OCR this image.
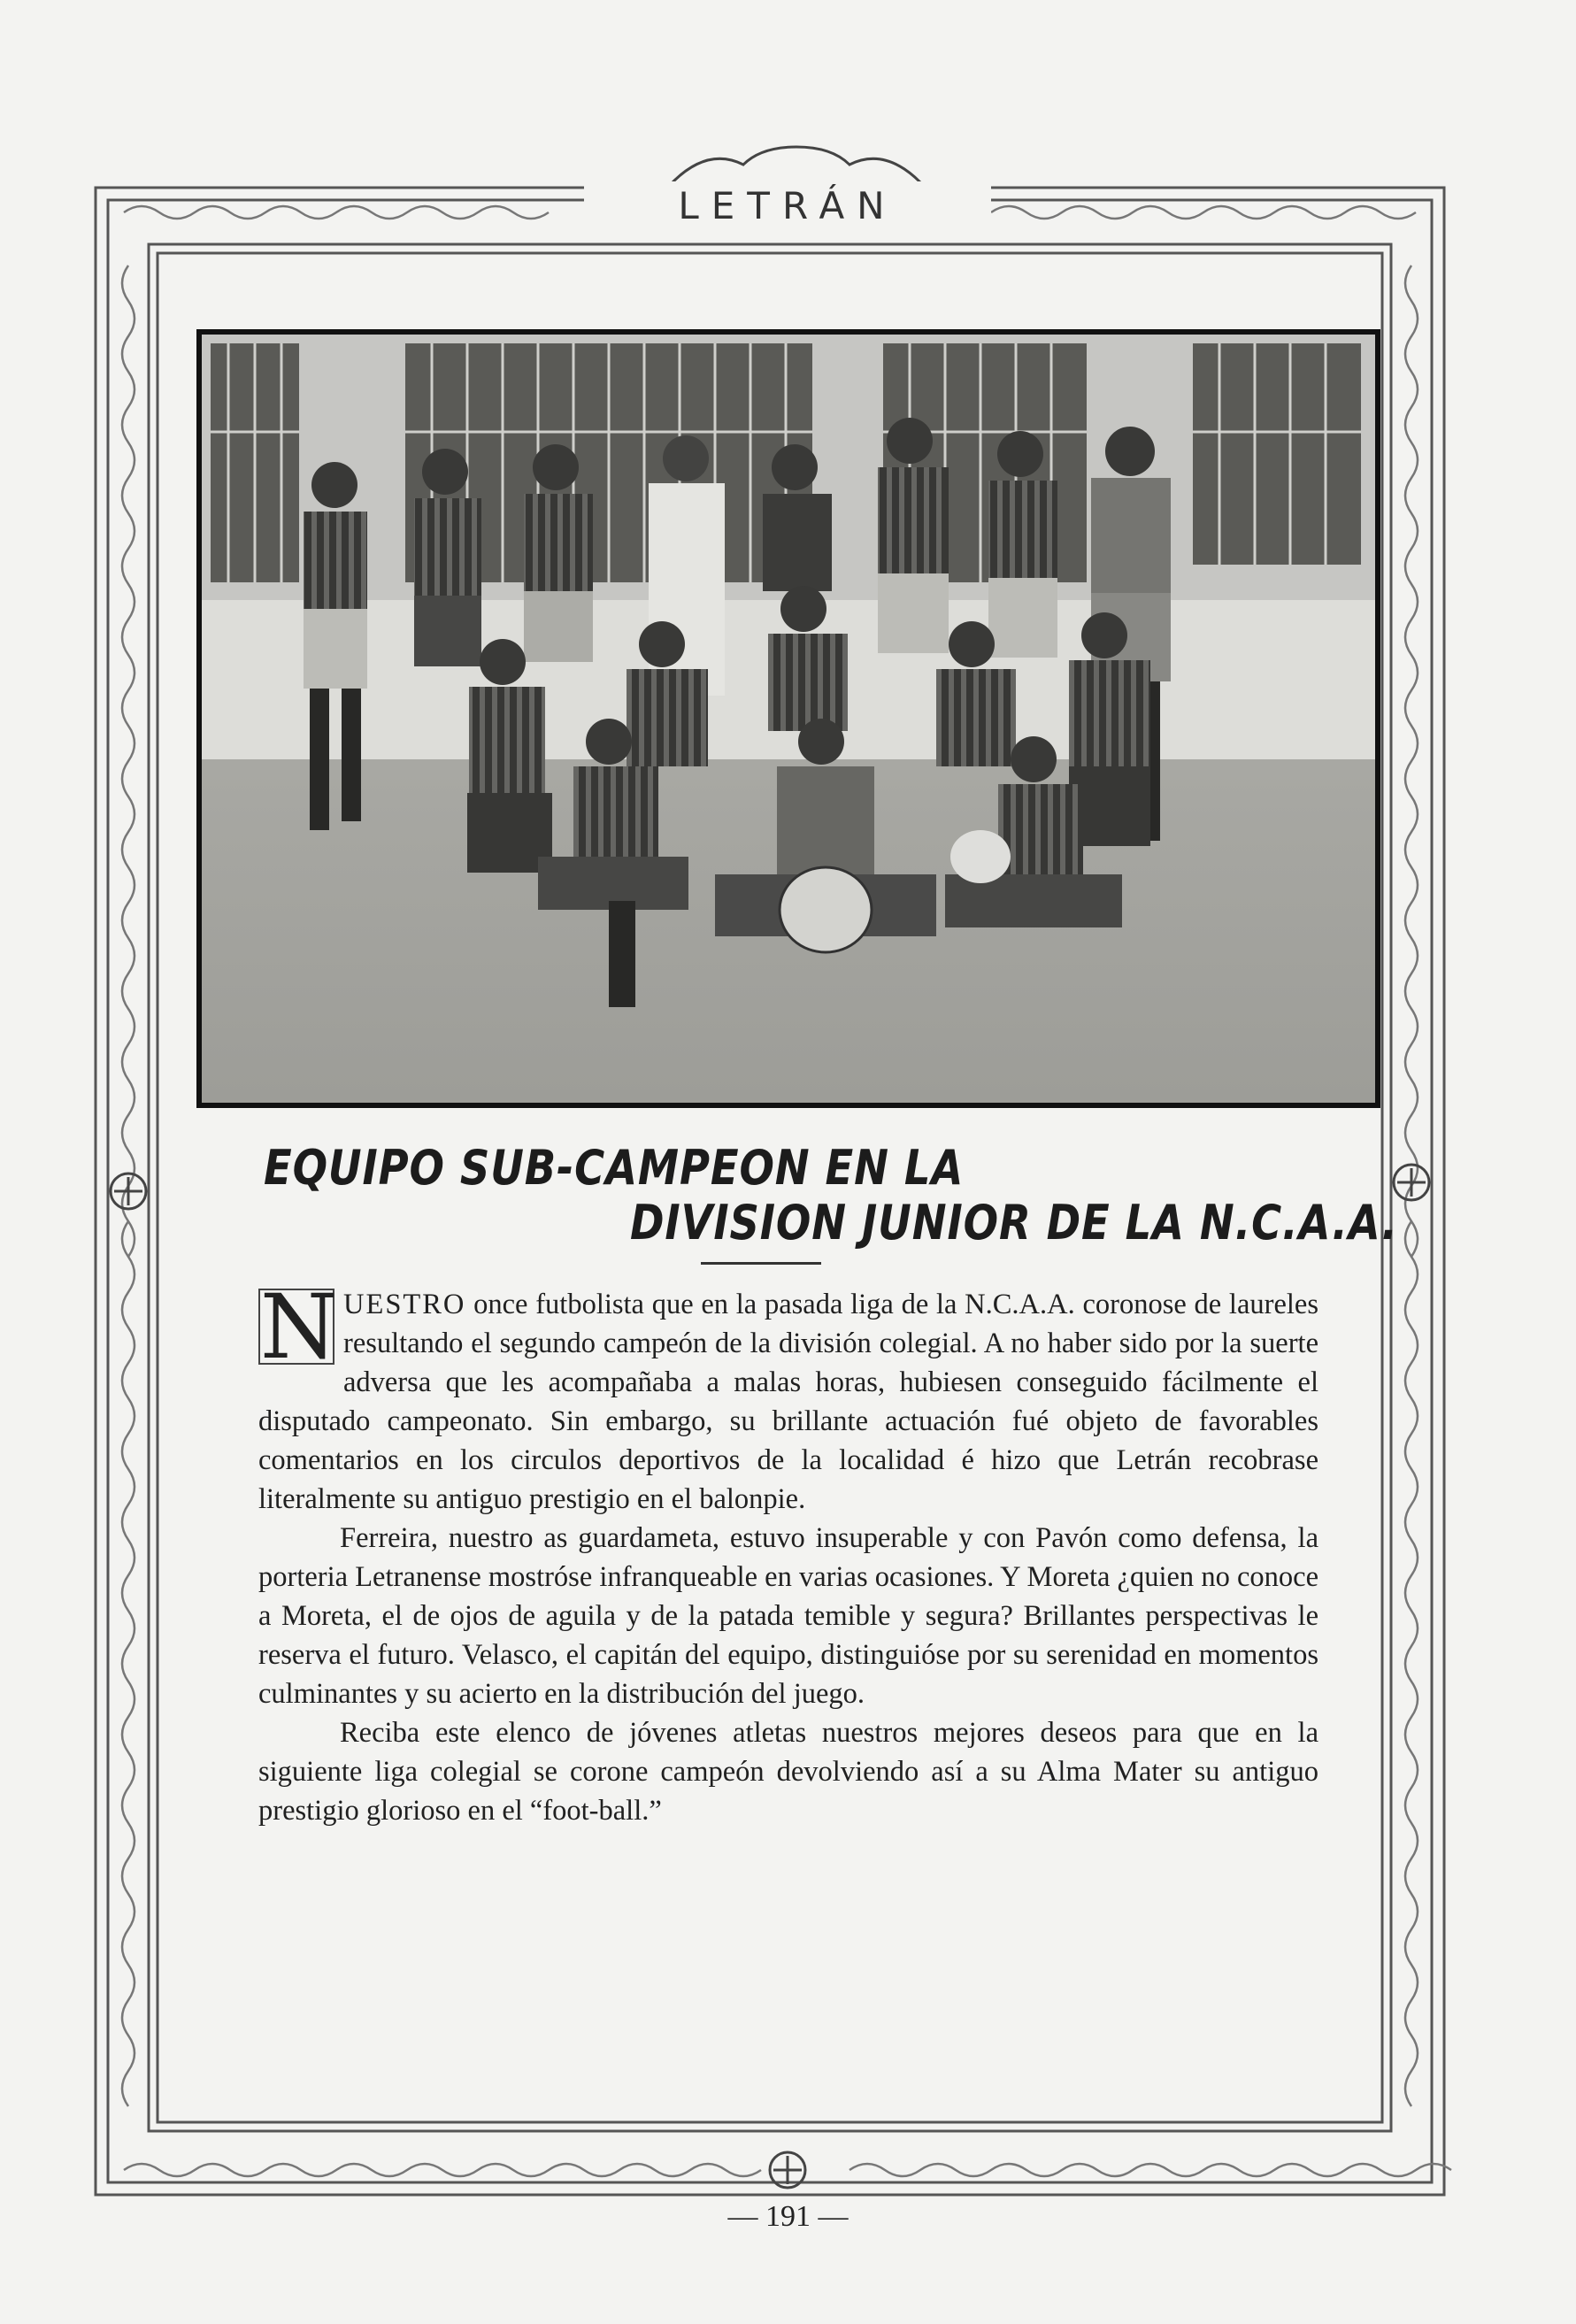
LETRÁN
EQUIPO SUB-CAMPEON EN LA
DIVISION JUNIOR DE LA N.C.A.A.

N UESTRO once futbolista que en la pasada liga de la N.C.A.A. coronose de laureles resultando el segundo campeón de la división colegial. A no haber sido por la suerte adversa que les acompañaba a malas horas, hubiesen conseguido fácilmente el disputado campeonato. Sin embargo, su brillante actuación fué objeto de favorables comentarios en los circulos deportivos de la localidad é hizo que Letrán recobrase literalmente su antiguo prestigio en el balonpie.

Ferreira, nuestro as guardameta, estuvo insuperable y con Pavón como defensa, la porteria Letranense mostróse infranqueable en varias ocasiones. Y Moreta ¿quien no conoce a Moreta, el de ojos de aguila y de la patada temible y segura? Brillantes perspectivas le reserva el futuro. Velasco, el capitán del equipo, distinguióse por su serenidad en momentos culminantes y su acierto en la distribución del juego.

Reciba este elenco de jóvenes atletas nuestros mejores deseos para que en la siguiente liga colegial se corone campeón devolviendo así a su Alma Mater su antiguo prestigio glorioso en el “foot-ball.”

— 191 —
